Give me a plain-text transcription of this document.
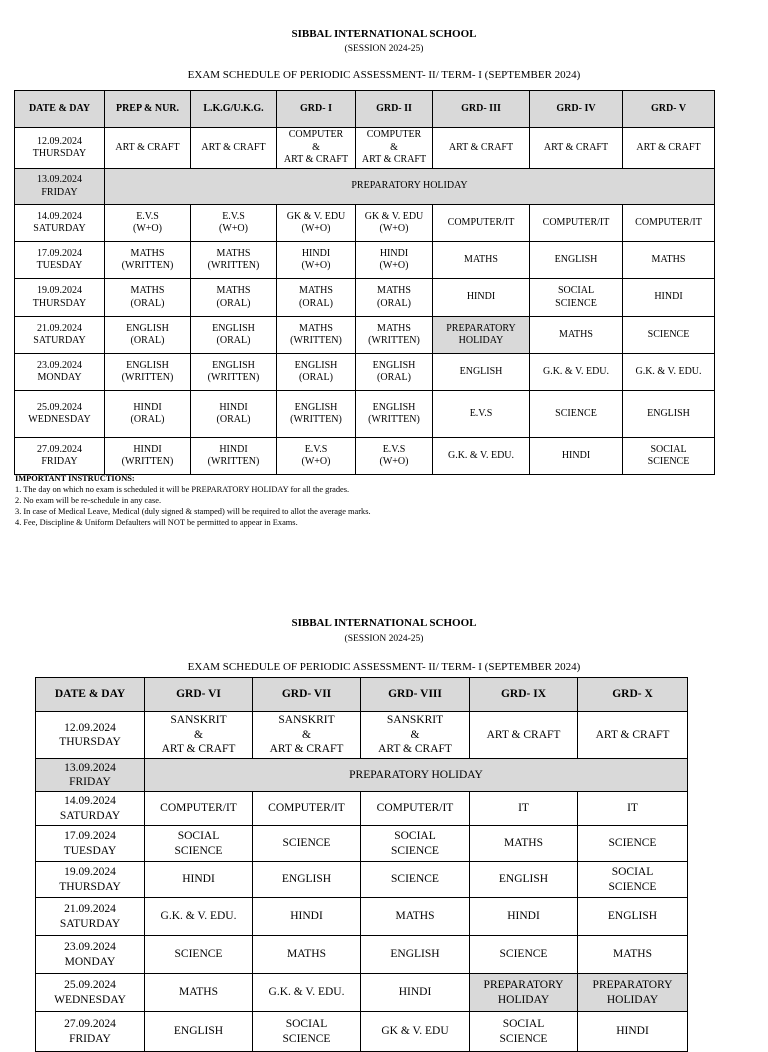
SIBBAL INTERNATIONAL SCHOOL
(SESSION 2024-25)
EXAM SCHEDULE OF PERIODIC ASSESSMENT- II/ TERM- I (SEPTEMBER 2024)
DATE & DAY	PREP & NUR.	L.K.G/U.K.G.	GRD- I	GRD- II	GRD- III	GRD- IV	GRD- V
12.09.2024
THURSDAY	ART & CRAFT	ART & CRAFT	COMPUTER
&
ART & CRAFT	COMPUTER
&
ART & CRAFT	ART & CRAFT	ART & CRAFT	ART & CRAFT
13.09.2024
FRIDAY	PREPARATORY HOLIDAY						
14.09.2024
SATURDAY	E.V.S
(W+O)	E.V.S
(W+O)	GK & V. EDU
(W+O)	GK & V. EDU
(W+O)	COMPUTER/IT	COMPUTER/IT	COMPUTER/IT
17.09.2024
TUESDAY	MATHS
(WRITTEN)	MATHS
(WRITTEN)	HINDI
(W+O)	HINDI
(W+O)	MATHS	ENGLISH	MATHS
19.09.2024
THURSDAY	MATHS
(ORAL)	MATHS
(ORAL)	MATHS
(ORAL)	MATHS
(ORAL)	HINDI	SOCIAL
SCIENCE	HINDI
21.09.2024
SATURDAY	ENGLISH
(ORAL)	ENGLISH
(ORAL)	MATHS
(WRITTEN)	MATHS
(WRITTEN)	PREPARATORY
HOLIDAY	MATHS	SCIENCE
23.09.2024
MONDAY	ENGLISH
(WRITTEN)	ENGLISH
(WRITTEN)	ENGLISH
(ORAL)	ENGLISH
(ORAL)	ENGLISH	G.K. & V. EDU.	G.K. & V. EDU.
25.09.2024
WEDNESDAY	HINDI
(ORAL)	HINDI
(ORAL)	ENGLISH
(WRITTEN)	ENGLISH
(WRITTEN)	E.V.S	SCIENCE	ENGLISH
27.09.2024
FRIDAY	HINDI
(WRITTEN)	HINDI
(WRITTEN)	E.V.S
(W+O)	E.V.S
(W+O)	G.K. & V. EDU.	HINDI	SOCIAL
SCIENCE
IMPORTANT INSTRUCTIONS:
1. The day on which no exam is scheduled it will be PREPARATORY HOLIDAY for all the grades.
2. No exam will be re-schedule in any case.
3. In case of Medical Leave, Medical (duly signed & stamped) will be required to allot the average marks.
4. Fee, Discipline & Uniform Defaulters will NOT be permitted to appear in Exams.
SIBBAL INTERNATIONAL SCHOOL
(SESSION 2024-25)
EXAM SCHEDULE OF PERIODIC ASSESSMENT- II/ TERM- I (SEPTEMBER 2024)
DATE & DAY	GRD- VI	GRD- VII	GRD- VIII	GRD- IX	GRD- X
12.09.2024
THURSDAY	SANSKRIT
&
ART & CRAFT	SANSKRIT
&
ART & CRAFT	SANSKRIT
&
ART & CRAFT	ART & CRAFT	ART & CRAFT
13.09.2024
FRIDAY	PREPARATORY HOLIDAY				
14.09.2024
SATURDAY	COMPUTER/IT	COMPUTER/IT	COMPUTER/IT	IT	IT
17.09.2024
TUESDAY	SOCIAL
SCIENCE	SCIENCE	SOCIAL
SCIENCE	MATHS	SCIENCE
19.09.2024
THURSDAY	HINDI	ENGLISH	SCIENCE	ENGLISH	SOCIAL
SCIENCE
21.09.2024
SATURDAY	G.K. & V. EDU.	HINDI	MATHS	HINDI	ENGLISH
23.09.2024
MONDAY	SCIENCE	MATHS	ENGLISH	SCIENCE	MATHS
25.09.2024
WEDNESDAY	MATHS	G.K. & V. EDU.	HINDI	PREPARATORY
HOLIDAY	PREPARATORY
HOLIDAY
27.09.2024
FRIDAY	ENGLISH	SOCIAL
SCIENCE	GK & V. EDU	SOCIAL
SCIENCE	HINDI
